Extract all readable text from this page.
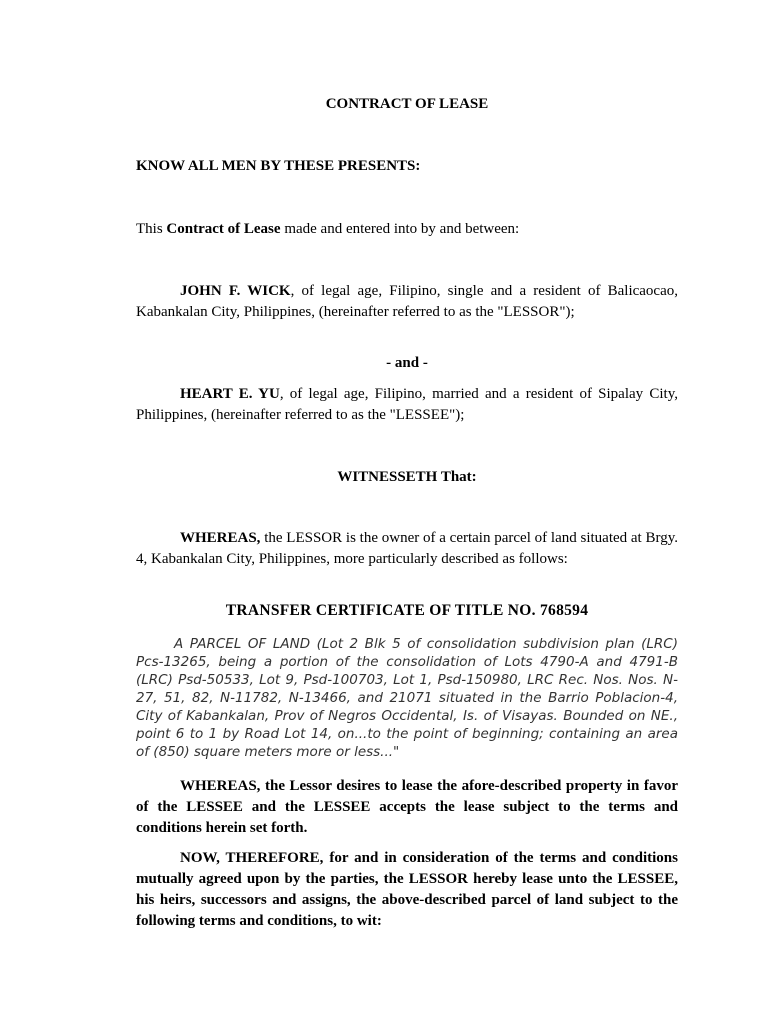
CONTRACT OF LEASE

KNOW ALL MEN BY THESE PRESENTS:

This Contract of Lease made and entered into by and between:

JOHN F. WICK, of legal age, Filipino, single and a resident of Balicaocao, Kabankalan City, Philippines, (hereinafter referred to as the "LESSOR");

- and -

HEART E. YU, of legal age, Filipino, married and a resident of Sipalay City, Philippines, (hereinafter referred to as the "LESSEE");

WITNESSETH That:

WHEREAS, the LESSOR is the owner of a certain parcel of land situated at Brgy. 4, Kabankalan City, Philippines, more particularly described as follows:

TRANSFER CERTIFICATE OF TITLE NO. 768594

A PARCEL OF LAND (Lot 2 Blk 5 of consolidation subdivision plan (LRC) Pcs-13265, being a portion of the consolidation of Lots 4790-A and 4791-B (LRC) Psd-50533, Lot 9, Psd-100703, Lot 1, Psd-150980, LRC Rec. Nos. Nos. N-27, 51, 82, N-11782, N-13466, and 21071 situated in the Barrio Poblacion-4, City of Kabankalan, Prov of Negros Occidental, Is. of Visayas. Bounded on NE., point 6 to 1 by Road Lot 14, on...to the point of beginning; containing an area of (850) square meters more or less..."

WHEREAS, the Lessor desires to lease the afore-described property in favor of the LESSEE and the LESSEE accepts the lease subject to the terms and conditions herein set forth.

NOW, THEREFORE, for and in consideration of the terms and conditions mutually agreed upon by the parties, the LESSOR hereby lease unto the LESSEE, his heirs, successors and assigns, the above-described parcel of land subject to the following terms and conditions, to wit:
